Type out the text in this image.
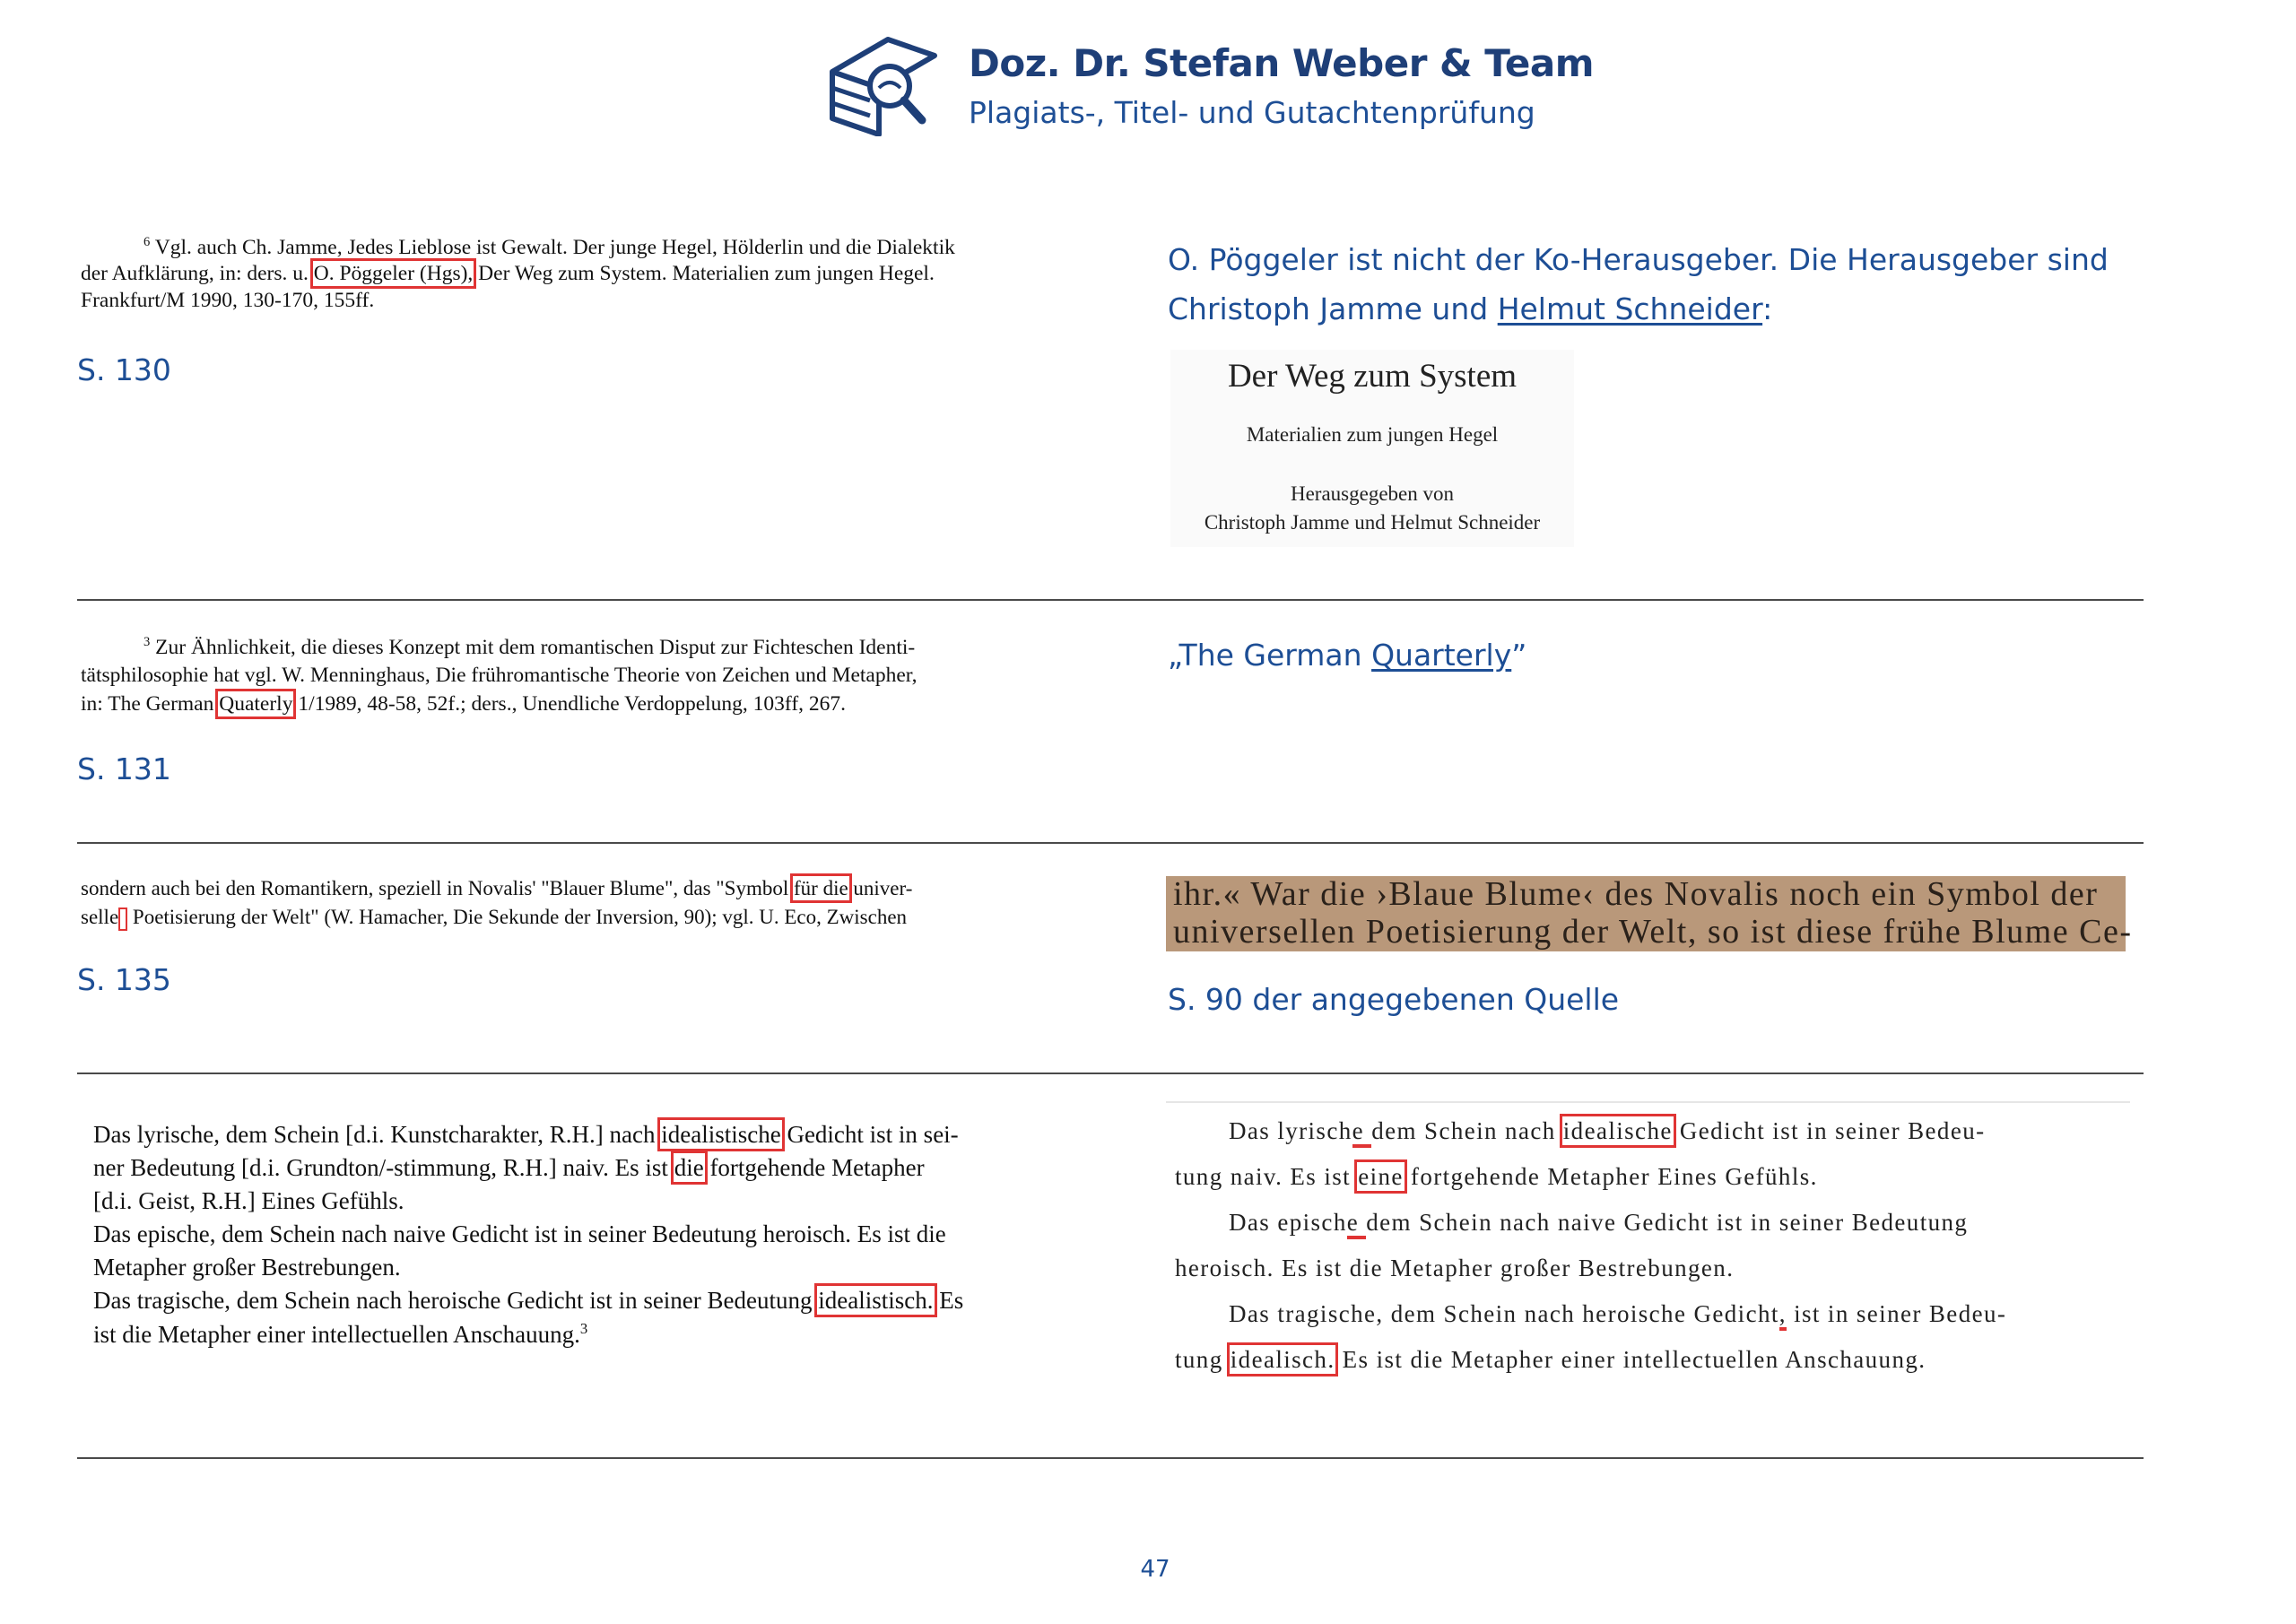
Doz. Dr. Stefan Weber & Team
Plagiats-, Titel- und Gutachtenprüfung
$^6$ Vgl. auch Ch. Jamme, Jedes Lieblose ist Gewalt. Der junge Hegel, Hölderlin und die Dialektik
der Aufklärung, in: ders. u. O. Pöggeler (Hgs), Der Weg zum System. Materialien zum jungen Hegel.
Frankfurt/M 1990, 130-170, 155ff.
S. 130
O. Pöggeler ist nicht der Ko-Herausgeber. Die Herausgeber sind
Christoph Jamme und Helmut Schneider:
Der Weg zum System
Materialien zum jungen Hegel
Herausgegeben von
Christoph Jamme und Helmut Schneider
$^3$ Zur Ähnlichkeit, die dieses Konzept mit dem romantischen Disput zur Fichteschen Identi-
tätsphilosophie hat vgl. W. Menninghaus, Die frühromantische Theorie von Zeichen und Metapher,
in: The German Quaterly 1/1989, 48-58, 52f.; ders., Unendliche Verdoppelung, 103ff, 267.
S. 131
„The German Quarterly”
sondern auch bei den Romantikern, speziell in Novalis' "Blauer Blume", das "Symbol für die univer-
selle Poetisierung der Welt" (W. Hamacher, Die Sekunde der Inversion, 90); vgl. U. Eco, Zwischen
S. 135
ihr.« War die ›Blaue Blume‹ des Novalis noch ein Symbol der
universellen Poetisierung der Welt, so ist diese frühe Blume Ce-
S. 90 der angegebenen Quelle
Das lyrische, dem Schein [d.i. Kunstcharakter, R.H.] nach idealistische Gedicht ist in sei-
ner Bedeutung [d.i. Grundton/-stimmung, R.H.] naiv. Es ist die fortgehende Metapher
[d.i. Geist, R.H.] Eines Gefühls.
Das epische, dem Schein nach naive Gedicht ist in seiner Bedeutung heroisch. Es ist die
Metapher großer Bestrebungen.
Das tragische, dem Schein nach heroische Gedicht ist in seiner Bedeutung idealistisch. Es
ist die Metapher einer intellectuellen Anschauung.$^3$
Das lyrische dem Schein nach idealische Gedicht ist in seiner Bedeu-
tung naiv. Es ist eine fortgehende Metapher Eines Gefühls.
Das epische dem Schein nach naive Gedicht ist in seiner Bedeutung
heroisch. Es ist die Metapher großer Bestrebungen.
Das tragische, dem Schein nach heroische Gedicht, ist in seiner Bedeu-
tung idealisch. Es ist die Metapher einer intellectuellen Anschauung.
47
